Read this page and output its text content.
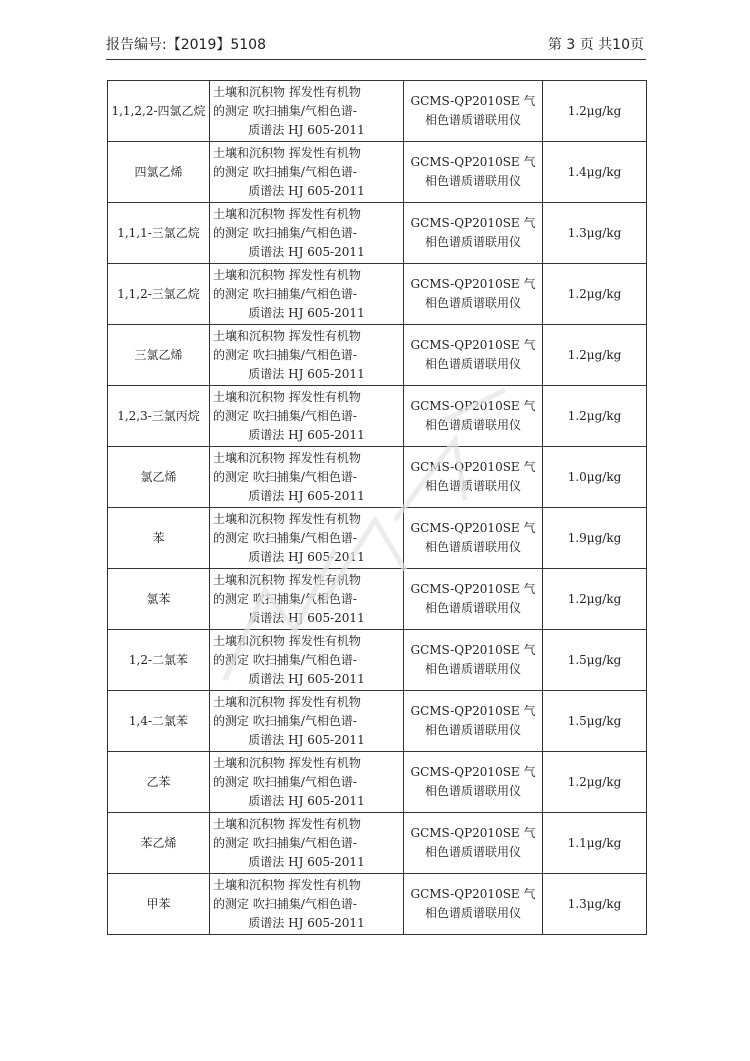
报告编号:【2019】5108	第 3 页 共10页
1,1,2,2-四氯乙烷	土壤和沉积物 挥发性有机物
的测定 吹扫捕集/气相色谱-

质谱法 HJ 605-2011	GCMS-QP2010SE 气
相色谱质谱联用仪	1.2μg/kg
四氯乙烯	土壤和沉积物 挥发性有机物
的测定 吹扫捕集/气相色谱-

质谱法 HJ 605-2011	GCMS-QP2010SE 气
相色谱质谱联用仪	1.4μg/kg
1,1,1-三氯乙烷	土壤和沉积物 挥发性有机物
的测定 吹扫捕集/气相色谱-

质谱法 HJ 605-2011	GCMS-QP2010SE 气
相色谱质谱联用仪	1.3μg/kg
1,1,2-三氯乙烷	土壤和沉积物 挥发性有机物
的测定 吹扫捕集/气相色谱-

质谱法 HJ 605-2011	GCMS-QP2010SE 气
相色谱质谱联用仪	1.2μg/kg
三氯乙烯	土壤和沉积物 挥发性有机物
的测定 吹扫捕集/气相色谱-

质谱法 HJ 605-2011	GCMS-QP2010SE 气
相色谱质谱联用仪	1.2μg/kg
1,2,3-三氯丙烷	土壤和沉积物 挥发性有机物
的测定 吹扫捕集/气相色谱-

质谱法 HJ 605-2011	GCMS-QP2010SE 气
相色谱质谱联用仪	1.2μg/kg
氯乙烯	土壤和沉积物 挥发性有机物
的测定 吹扫捕集/气相色谱-

质谱法 HJ 605-2011	GCMS-QP2010SE 气
相色谱质谱联用仪	1.0μg/kg
苯	土壤和沉积物 挥发性有机物
的测定 吹扫捕集/气相色谱-

质谱法 HJ 605-2011	GCMS-QP2010SE 气
相色谱质谱联用仪	1.9μg/kg
氯苯	土壤和沉积物 挥发性有机物
的测定 吹扫捕集/气相色谱-

质谱法 HJ 605-2011	GCMS-QP2010SE 气
相色谱质谱联用仪	1.2μg/kg
1,2-二氯苯	土壤和沉积物 挥发性有机物
的测定 吹扫捕集/气相色谱-

质谱法 HJ 605-2011	GCMS-QP2010SE 气
相色谱质谱联用仪	1.5μg/kg
1,4-二氯苯	土壤和沉积物 挥发性有机物
的测定 吹扫捕集/气相色谱-

质谱法 HJ 605-2011	GCMS-QP2010SE 气
相色谱质谱联用仪	1.5μg/kg
乙苯	土壤和沉积物 挥发性有机物
的测定 吹扫捕集/气相色谱-

质谱法 HJ 605-2011	GCMS-QP2010SE 气
相色谱质谱联用仪	1.2μg/kg
苯乙烯	土壤和沉积物 挥发性有机物
的测定 吹扫捕集/气相色谱-

质谱法 HJ 605-2011	GCMS-QP2010SE 气
相色谱质谱联用仪	1.1μg/kg
甲苯	土壤和沉积物 挥发性有机物
的测定 吹扫捕集/气相色谱-

质谱法 HJ 605-2011	GCMS-QP2010SE 气
相色谱质谱联用仪	1.3μg/kg
